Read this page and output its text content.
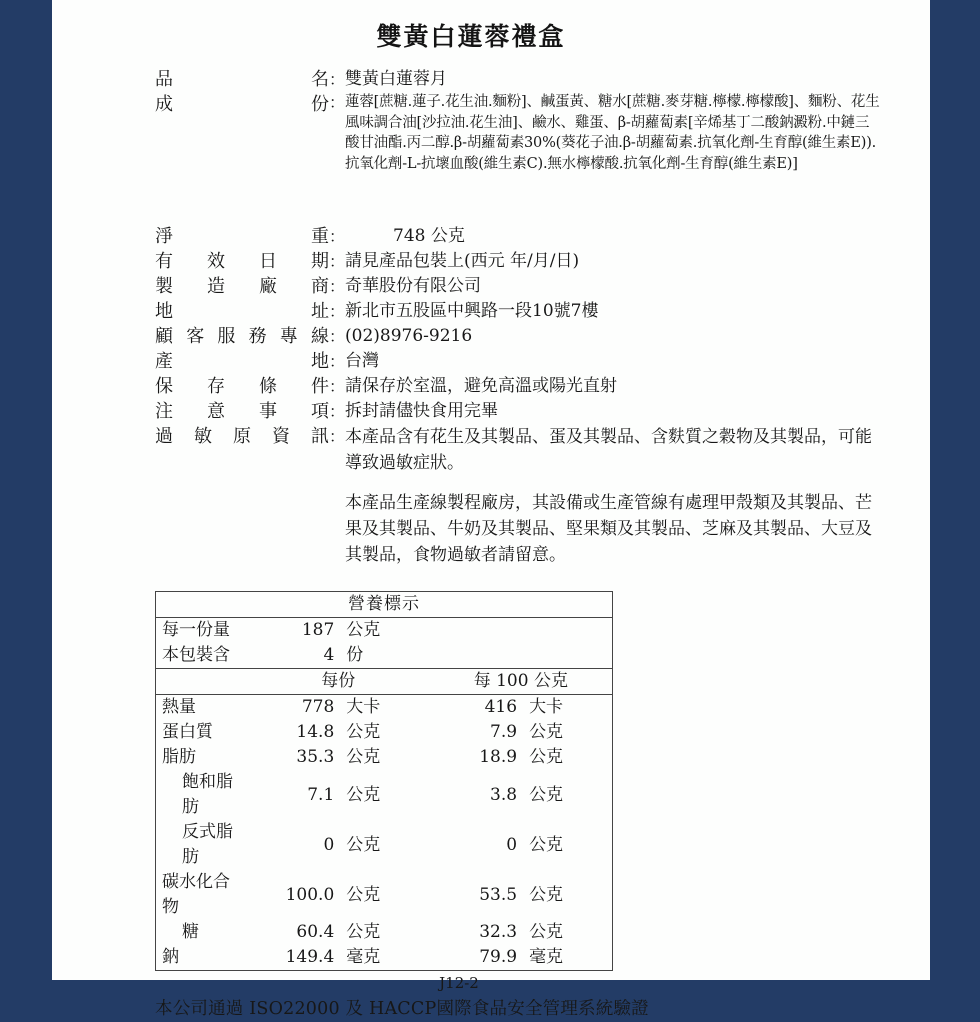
雙黃白蓮蓉禮盒
品名 ： 雙黃白蓮蓉月
成份 ： 蓮蓉[蔗糖.蓮子.花生油.麵粉]、鹹蛋黃、糖水[蔗糖.麥芽糖.檸檬.檸檬酸]、麵粉、花生風味調合油[沙拉油.花生油]、鹼水、雞蛋、β-胡蘿蔔素[辛烯基丁二酸鈉澱粉.中鏈三酸甘油酯.丙二醇.β-胡蘿蔔素30%(葵花子油.β-胡蘿蔔素.抗氧化劑-生育醇(維生素E)).抗氧化劑-L-抗壞血酸(維生素C).無水檸檬酸.抗氧化劑-生育醇(維生素E)]
淨重 ：	748 公克
有效日期 ： 請見產品包裝上(西元 年/月/日)
製造廠商 ： 奇華股份有限公司
地址 ： 新北市五股區中興路一段10號7樓
顧客服務專線 ： (02)8976-9216
產地 ： 台灣
保存條件 ： 請保存於室溫，避免高溫或陽光直射
注意事項 ： 拆封請儘快食用完畢
過敏原資訊 ： 本產品含有花生及其製品、蛋及其製品、含麩質之穀物及其製品，可能導致過敏症狀。
本產品生產線製程廠房，其設備或生產管線有處理甲殼類及其製品、芒果及其製品、牛奶及其製品、堅果類及其製品、芝麻及其製品、大豆及其製品，食物過敏者請留意。
營養標示				
每一份量	187	公克		
本包裝含	4	份		
	每份		每 100 公克	
熱量	778	大卡	416	大卡
蛋白質	14.8	公克	7.9	公克
脂肪	35.3	公克	18.9	公克
飽和脂肪	7.1	公克	3.8	公克
反式脂肪	0	公克	0	公克
碳水化合物	100.0	公克	53.5	公克
糖	60.4	公克	32.3	公克
鈉	149.4	毫克	79.9	毫克
J12-2
本公司通過 ISO22000 及 HACCP國際食品安全管理系統驗證
